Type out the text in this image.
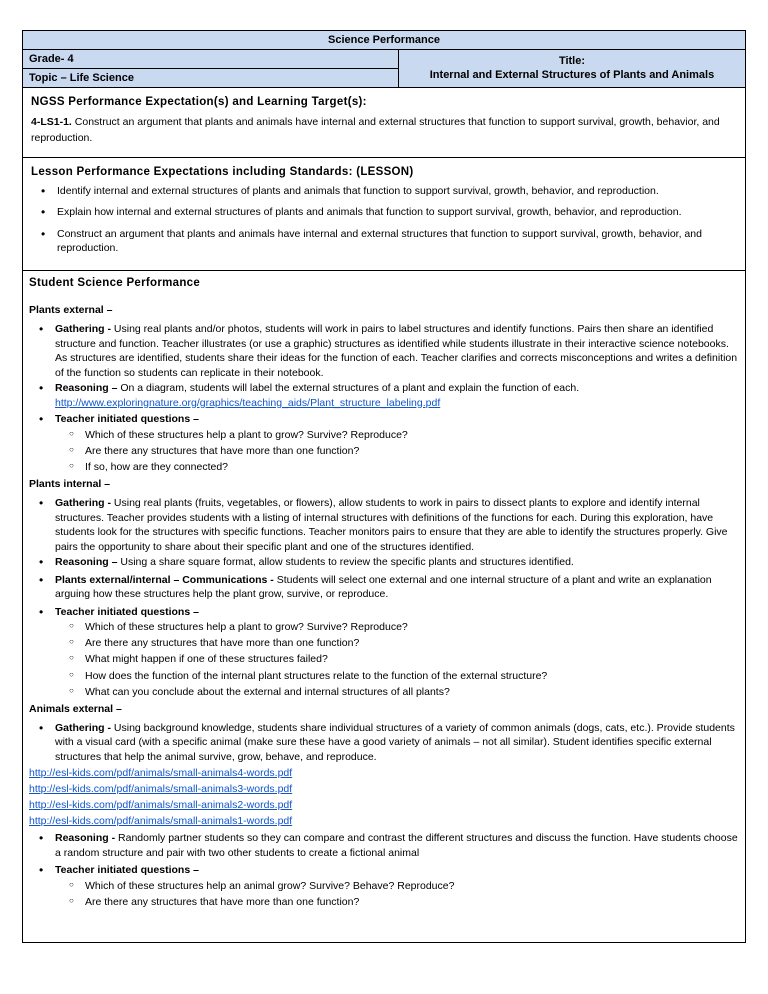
Science Performance
Grade- 4	Title:
Internal and External Structures of Plants and Animals

Topic – Life Science

NGSS Performance Expectation(s) and Learning Target(s):

4-LS1-1. Construct an argument that plants and animals have internal and external structures that function to support survival, growth, behavior, and reproduction.

Lesson Performance Expectations including Standards: (LESSON)
• Identify internal and external structures of plants and animals that function to support survival, growth, behavior, and reproduction.
• Explain how internal and external structures of plants and animals that function to support survival, growth, behavior, and reproduction.
• Construct an argument that plants and animals have internal and external structures that function to support survival, growth, behavior, and reproduction.

Student Science Performance
Plants external –
• Gathering - Using real plants and/or photos, students will work in pairs to label structures and identify functions. Pairs then share an identified structure and function. Teacher illustrates (or use a graphic) structures as identified while students illustrate in their interactive science notebooks. As structures are identified, students share their ideas for the function of each. Teacher clarifies and corrects misconceptions and writes a definition of the function so students can replicate in their notebook.
• Reasoning – On a diagram, students will label the external structures of a plant and explain the function of each.
http://www.exploringnature.org/graphics/teaching_aids/Plant_structure_labeling.pdf
• Teacher initiated questions –
○ Which of these structures help a plant to grow? Survive? Reproduce?
○ Are there any structures that have more than one function?
○ If so, how are they connected?
Plants internal –
• Gathering - Using real plants (fruits, vegetables, or flowers), allow students to work in pairs to dissect plants to explore and identify internal structures. Teacher provides students with a listing of internal structures with definitions of the functions for each. During this exploration, have students look for the structures with specific functions. Teacher monitors pairs to ensure that they are able to identify the structures properly. Give pairs the opportunity to share about their specific plant and one of the structures identified.
• Reasoning – Using a share square format, allow students to review the specific plants and structures identified.
• Plants external/internal – Communications - Students will select one external and one internal structure of a plant and write an explanation arguing how these structures help the plant grow, survive, or reproduce.
• Teacher initiated questions –
○ Which of these structures help a plant to grow? Survive? Reproduce?
○ Are there any structures that have more than one function?
○ What might happen if one of these structures failed?
○ How does the function of the internal plant structures relate to the function of the external structure?
○ What can you conclude about the external and internal structures of all plants?
Animals external –
• Gathering - Using background knowledge, students share individual structures of a variety of common animals (dogs, cats, etc.). Provide students with a visual card (with a specific animal (make sure these have a good variety of animals – not all similar). Student identifies specific external structures that help the animal survive, grow, behave, and reproduce.
http://esl-kids.com/pdf/animals/small-animals4-words.pdf
http://esl-kids.com/pdf/animals/small-animals3-words.pdf
http://esl-kids.com/pdf/animals/small-animals2-words.pdf
http://esl-kids.com/pdf/animals/small-animals1-words.pdf
• Reasoning - Randomly partner students so they can compare and contrast the different structures and discuss the function. Have students choose a random structure and pair with two other students to create a fictional animal
• Teacher initiated questions –
○ Which of these structures help an animal grow? Survive? Behave? Reproduce?
○ Are there any structures that have more than one function?
